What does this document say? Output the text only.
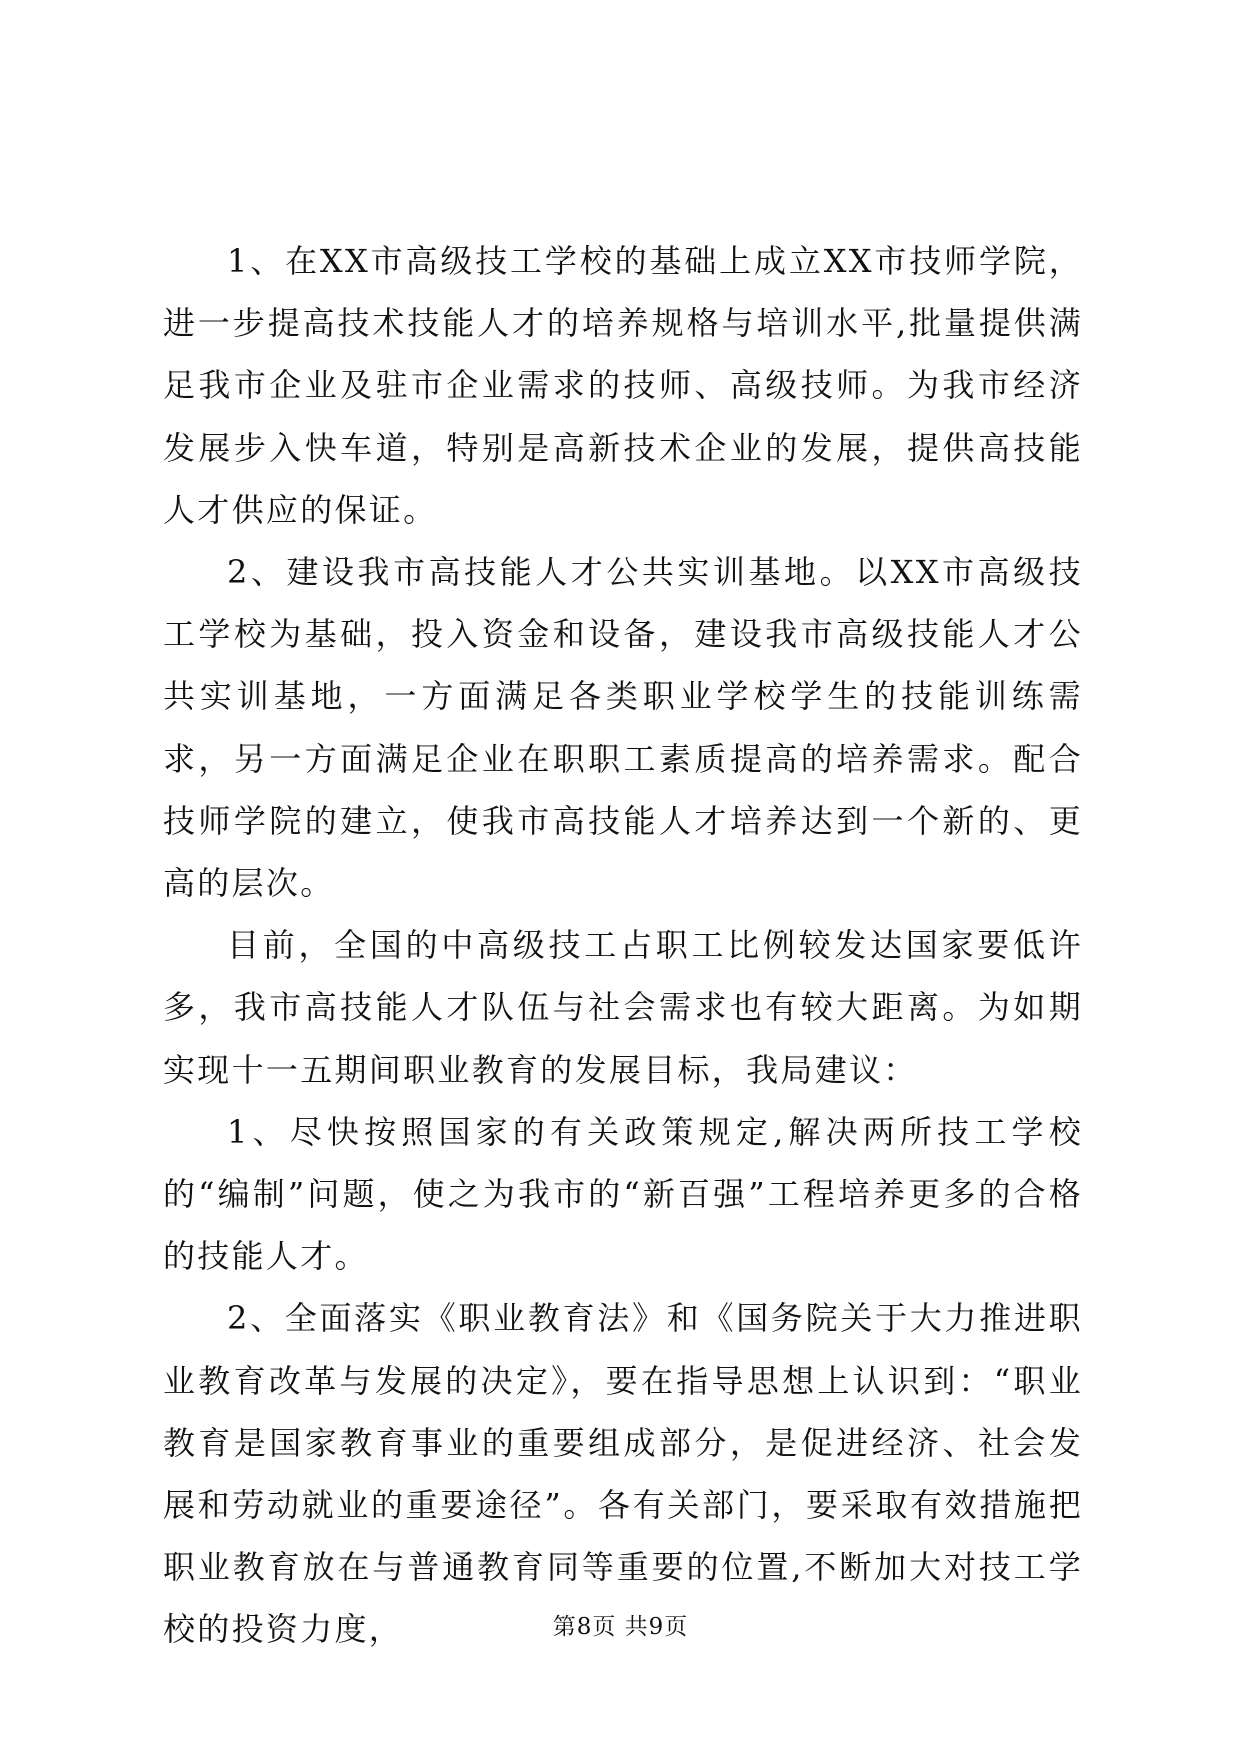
1、在XX市高级技工学校的基础上成立XX市技师学院，进一步提高技术技能人才的培养规格与培训水平,批量提供满足我市企业及驻市企业需求的技师、高级技师。为我市经济发展步入快车道，特别是高新技术企业的发展，提供高技能人才供应的保证。

2、建设我市高技能人才公共实训基地。以XX市高级技工学校为基础，投入资金和设备，建设我市高级技能人才公共实训基地，一方面满足各类职业学校学生的技能训练需求，另一方面满足企业在职职工素质提高的培养需求。配合技师学院的建立，使我市高技能人才培养达到一个新的、更高的层次。

目前，全国的中高级技工占职工比例较发达国家要低许多，我市高技能人才队伍与社会需求也有较大距离。为如期实现十一五期间职业教育的发展目标，我局建议：

1、尽快按照国家的有关政策规定,解决两所技工学校的“编制”问题，使之为我市的“新百强”工程培养更多的合格的技能人才。

2、全面落实《职业教育法》和《国务院关于大力推进职业教育改革与发展的决定》，要在指导思想上认识到：“职业教育是国家教育事业的重要组成部分，是促进经济、社会发展和劳动就业的重要途径”。各有关部门，要采取有效措施把职业教育放在与普通教育同等重要的位置,不断加大对技工学校的投资力度，	第8页 共9页
